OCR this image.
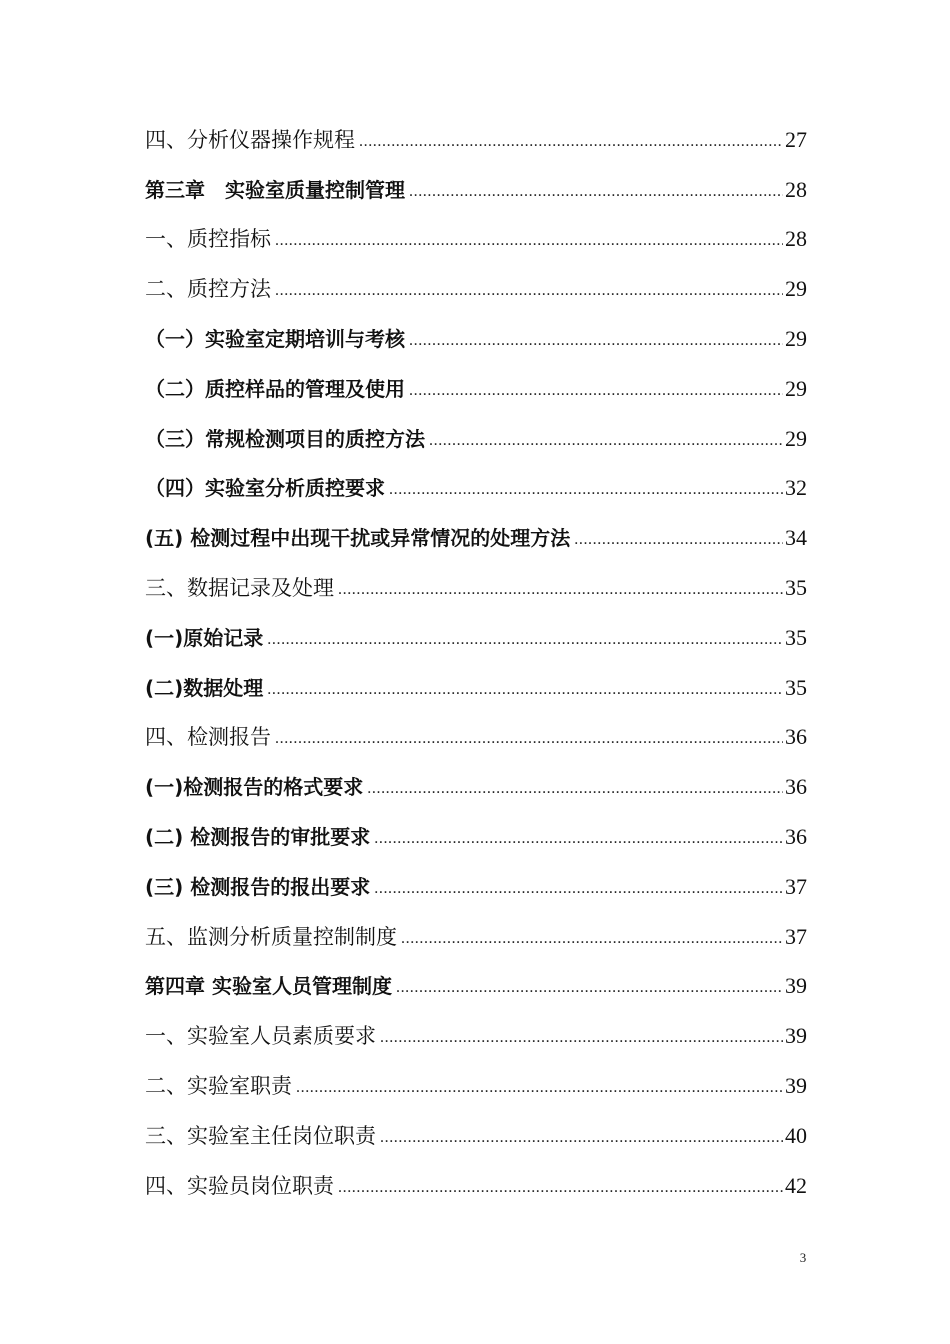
四、分析仪器操作规程 .....	27
第三章　实验室质量控制管理 .....	28
一、质控指标 .....	28
二、质控方法 .....	29
（一）实验室定期培训与考核 .....	29
（二）质控样品的管理及使用 .....	29
（三）常规检测项目的质控方法 .....	29
（四）实验室分析质控要求 .....	32
(五) 检测过程中出现干扰或异常情况的处理方法 .....	34
三、数据记录及处理 .....	35
(一)原始记录 .....	35
(二)数据处理 .....	35
四、检测报告 .....	36
(一)检测报告的格式要求 .....	36
(二) 检测报告的审批要求 .....	36
(三) 检测报告的报出要求 .....	37
五、监测分析质量控制制度 .....	37
第四章 实验室人员管理制度 .....	39
一、实验室人员素质要求 .....	39
二、实验室职责 .....	39
三、实验室主任岗位职责 .....	40
四、实验员岗位职责 .....	42
3
